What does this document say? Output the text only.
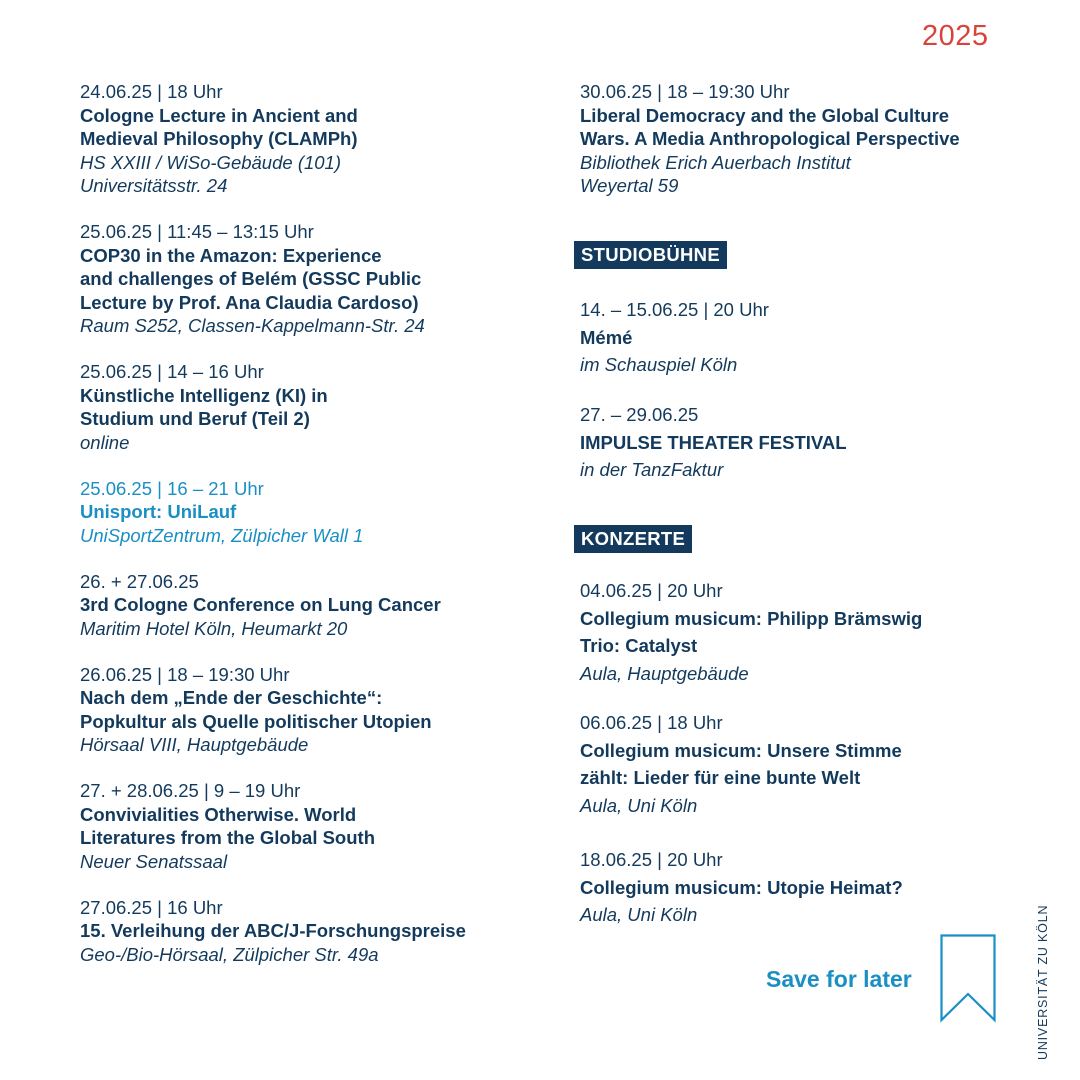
2025
24.06.25 | 18 Uhr
Cologne Lecture in Ancient and
Medieval Philosophy (CLAMPh)
HS XXIII / WiSo-Gebäude (101)
Universitätsstr. 24
25.06.25 | 11:45 – 13:15 Uhr
COP30 in the Amazon: Experience
and challenges of Belém (GSSC Public
Lecture by Prof. Ana Claudia Cardoso)
Raum S252, Classen-Kappelmann-Str. 24
25.06.25 | 14 – 16 Uhr
Künstliche Intelligenz (KI) in
Studium und Beruf (Teil 2)
online
25.06.25 | 16 – 21 Uhr
Unisport: UniLauf
UniSportZentrum, Zülpicher Wall 1
26. + 27.06.25
3rd Cologne Conference on Lung Cancer
Maritim Hotel Köln, Heumarkt 20
26.06.25 | 18 – 19:30 Uhr
Nach dem „Ende der Geschichte“:
Popkultur als Quelle politischer Utopien
Hörsaal VIII, Hauptgebäude
27. + 28.06.25 | 9 – 19 Uhr
Convivialities Otherwise. World
Literatures from the Global South
Neuer Senatssaal
27.06.25 | 16 Uhr
15. Verleihung der ABC/J-Forschungspreise
Geo-/Bio-Hörsaal, Zülpicher Str. 49a
30.06.25 | 18 – 19:30 Uhr
Liberal Democracy and the Global Culture
Wars. A Media Anthropological Perspective
Bibliothek Erich Auerbach Institut
Weyertal 59
STUDIOBÜHNE
14. – 15.06.25 | 20 Uhr
Mémé
im Schauspiel Köln
27. – 29.06.25
IMPULSE THEATER FESTIVAL
in der TanzFaktur
KONZERTE
04.06.25 | 20 Uhr
Collegium musicum: Philipp Brämswig
Trio: Catalyst
Aula, Hauptgebäude
06.06.25 | 18 Uhr
Collegium musicum: Unsere Stimme
zählt: Lieder für eine bunte Welt
Aula, Uni Köln
18.06.25 | 20 Uhr
Collegium musicum: Utopie Heimat?
Aula, Uni Köln
Save for later	UNIVERSITÄT ZU KÖLN
